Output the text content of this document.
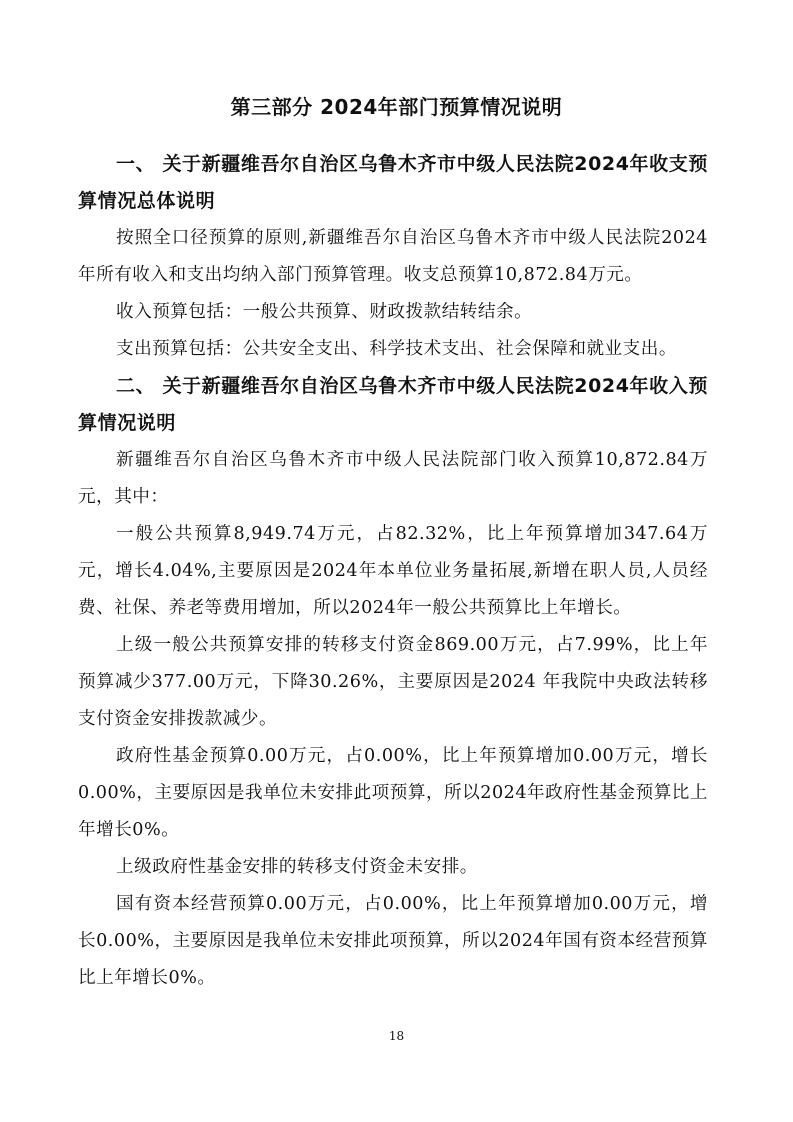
第三部分 2024年部门预算情况说明

一、 关于新疆维吾尔自治区乌鲁木齐市中级人民法院2024年收支预算情况总体说明

按照全口径预算的原则,新疆维吾尔自治区乌鲁木齐市中级人民法院2024年所有收入和支出均纳入部门预算管理。收支总预算10,872.84万元。

收入预算包括：一般公共预算、财政拨款结转结余。

支出预算包括：公共安全支出、科学技术支出、社会保障和就业支出。

二、 关于新疆维吾尔自治区乌鲁木齐市中级人民法院2024年收入预算情况说明

新疆维吾尔自治区乌鲁木齐市中级人民法院部门收入预算10,872.84万元，其中：

一般公共预算8,949.74万元，占82.32%，比上年预算增加347.64万元，增长4.04%,主要原因是2024年本单位业务量拓展,新增在职人员,人员经费、社保、养老等费用增加，所以2024年一般公共预算比上年增长。

上级一般公共预算安排的转移支付资金869.00万元，占7.99%，比上年预算减少377.00万元，下降30.26%，主要原因是2024 年我院中央政法转移支付资金安排拨款减少。

政府性基金预算0.00万元，占0.00%，比上年预算增加0.00万元，增长0.00%，主要原因是我单位未安排此项预算，所以2024年政府性基金预算比上年增长0%。

上级政府性基金安排的转移支付资金未安排。

国有资本经营预算0.00万元，占0.00%，比上年预算增加0.00万元，增长0.00%，主要原因是我单位未安排此项预算，所以2024年国有资本经营预算比上年增长0%。

18
